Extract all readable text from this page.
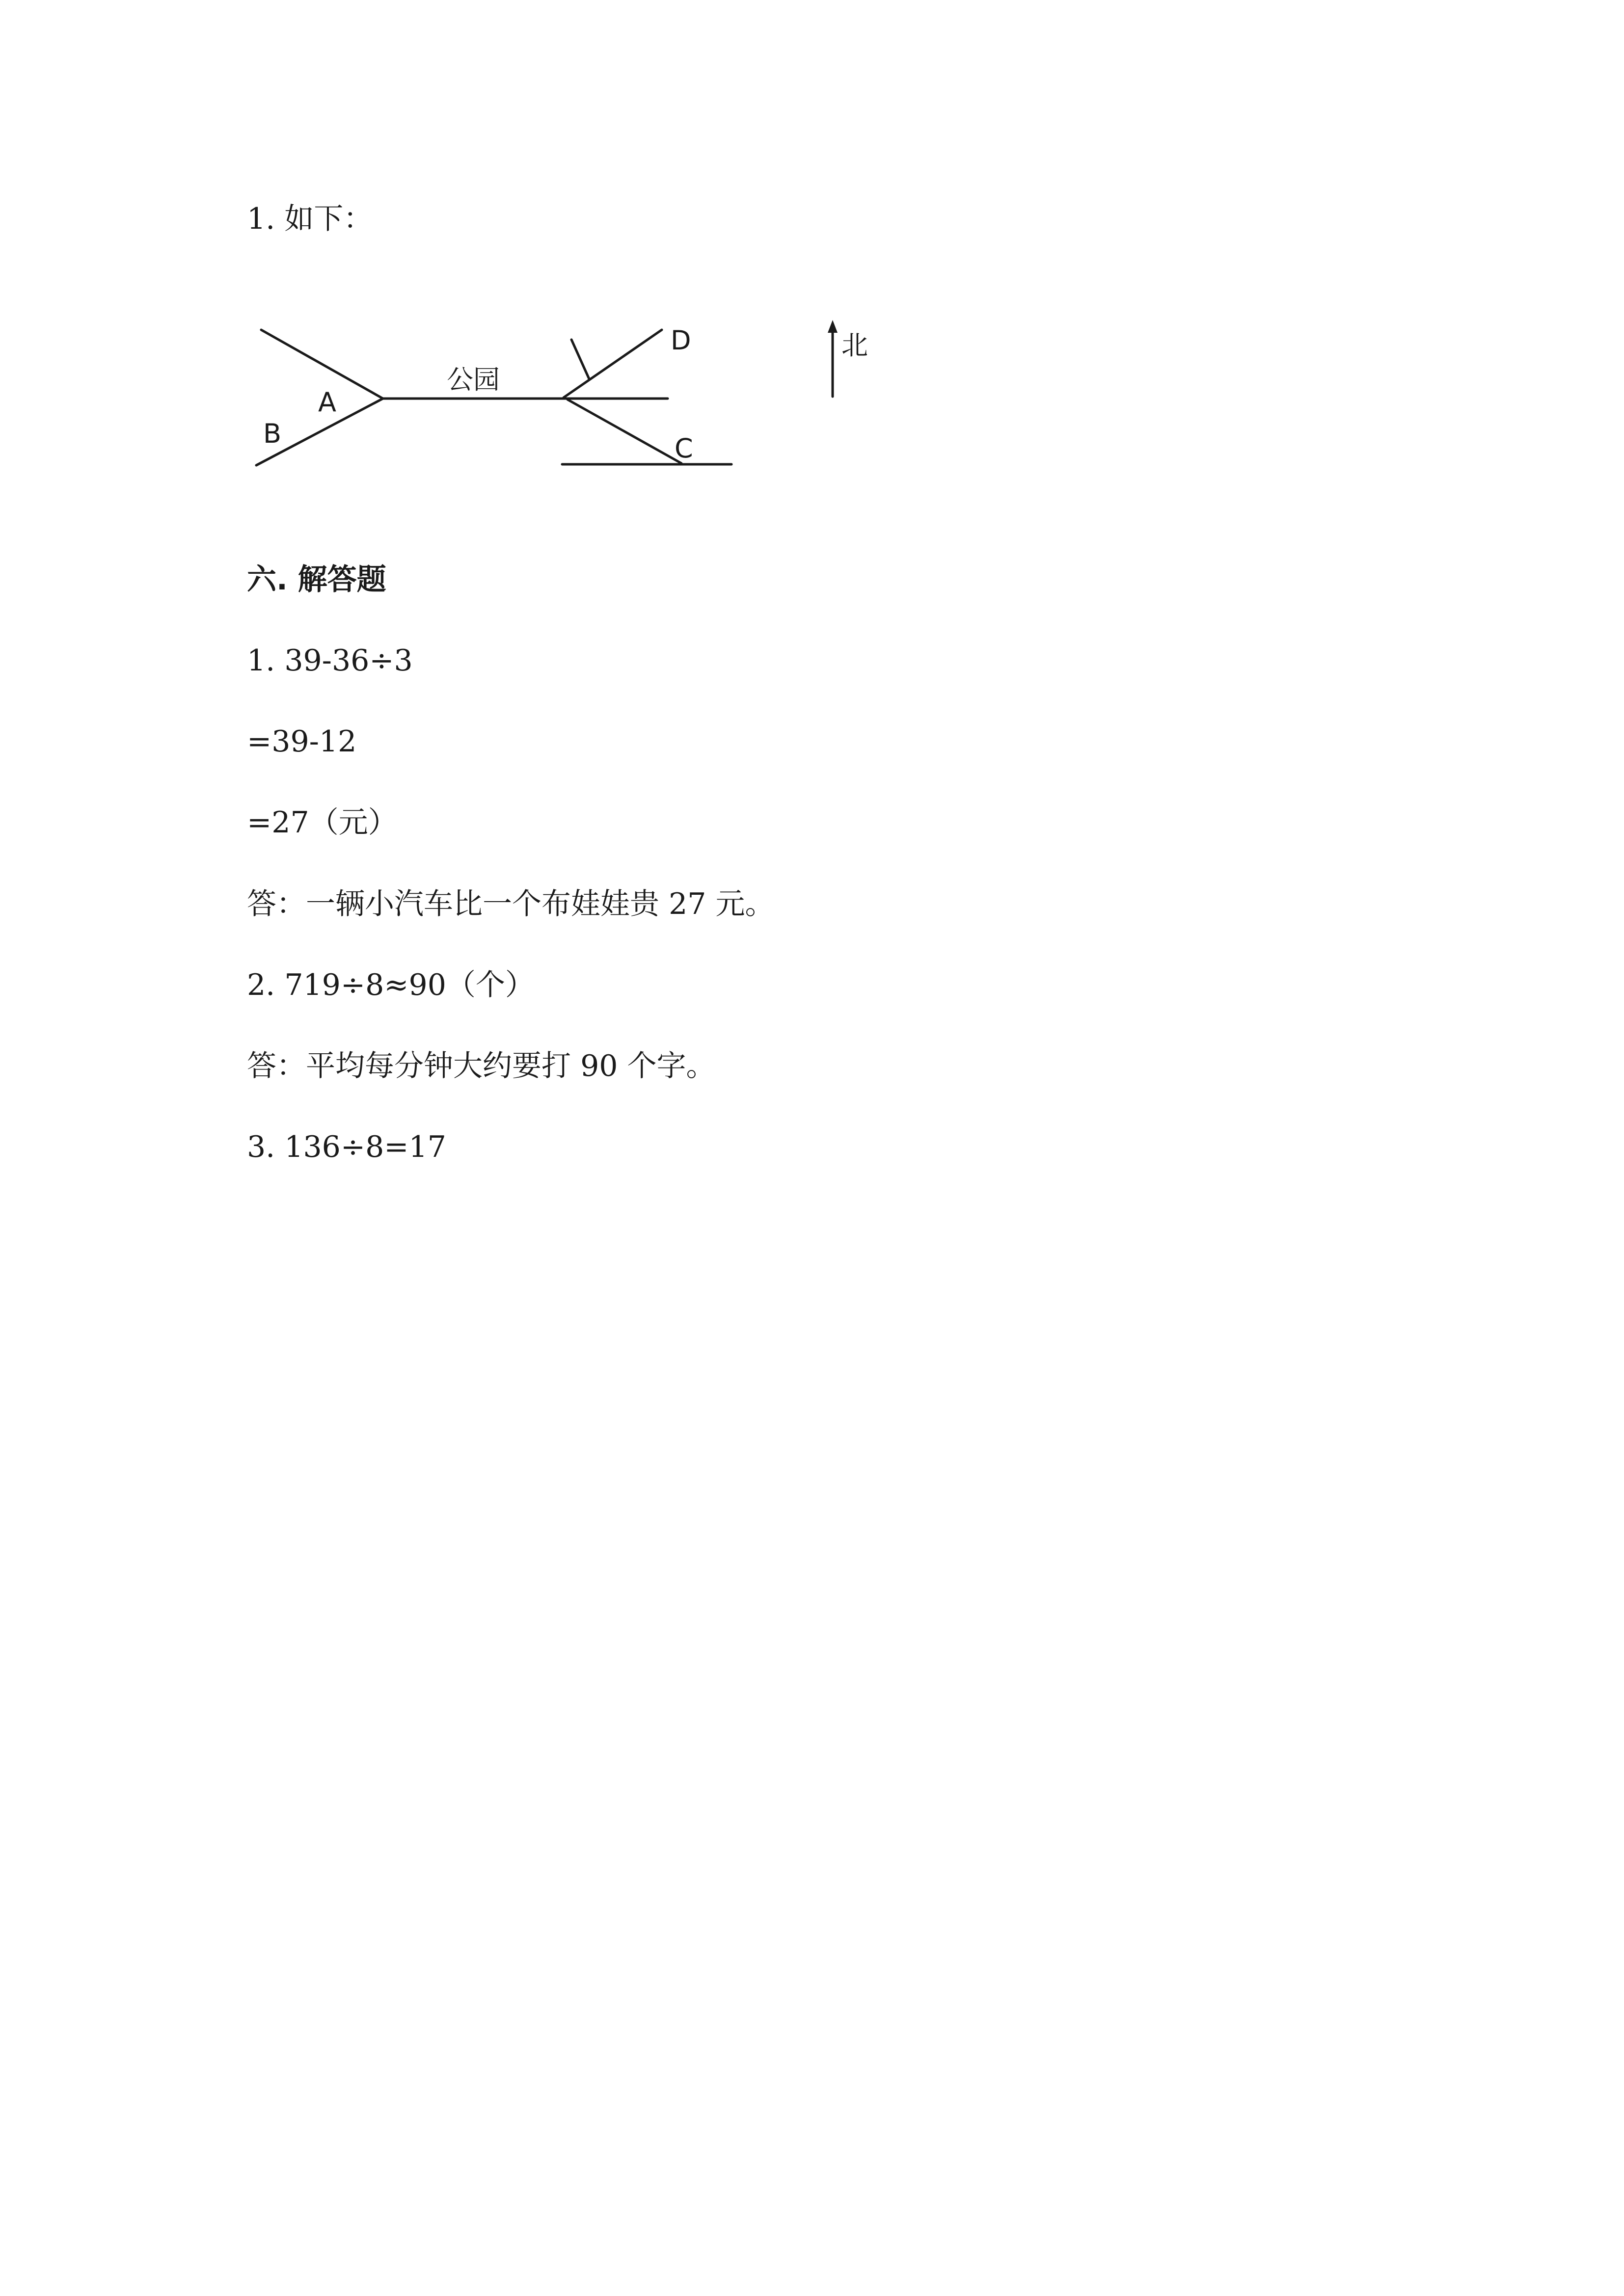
1. 如下：
A
B
公园
D
C
北
六. 解答题
1. 39-36÷3
=39-12
=27（元）
答：一辆小汽车比一个布娃娃贵 27 元。
2. 719÷8≈90（个）
答：平均每分钟大约要打 90 个字。
3. 136÷8=17
